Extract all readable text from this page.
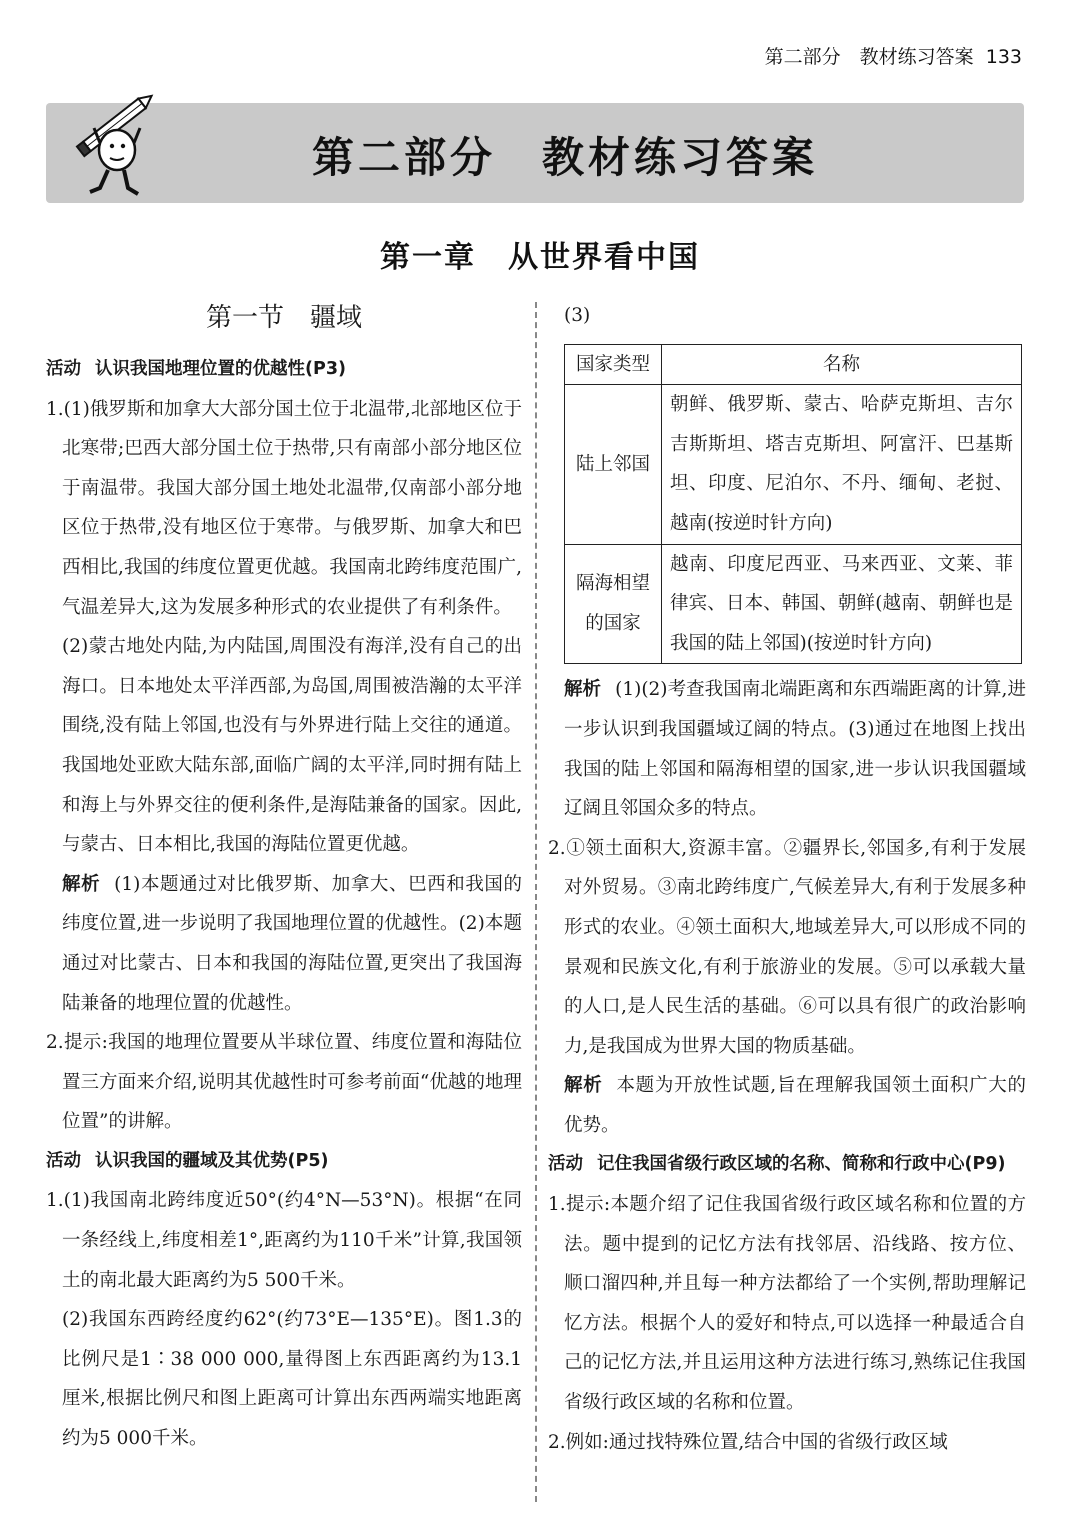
第二部分　教材练习答案 133
第二部分　教材练习答案
第一章　从世界看中国
第一节　疆域

活动 认识我国地理位置的优越性(P3)

1.(1)俄罗斯和加拿大大部分国土位于北温带,北部地区位于北寒带;巴西大部分国土位于热带,只有南部小部分地区位于南温带。我国大部分国土地处北温带,仅南部小部分地区位于热带,没有地区位于寒带。与俄罗斯、加拿大和巴西相比,我国的纬度位置更优越。我国南北跨纬度范围广,气温差异大,这为发展多种形式的农业提供了有利条件。

(2)蒙古地处内陆,为内陆国,周围没有海洋,没有自己的出海口。日本地处太平洋西部,为岛国,周围被浩瀚的太平洋围绕,没有陆上邻国,也没有与外界进行陆上交往的通道。我国地处亚欧大陆东部,面临广阔的太平洋,同时拥有陆上和海上与外界交往的便利条件,是海陆兼备的国家。因此,与蒙古、日本相比,我国的海陆位置更优越。

解析 (1)本题通过对比俄罗斯、加拿大、巴西和我国的纬度位置,进一步说明了我国地理位置的优越性。(2)本题通过对比蒙古、日本和我国的海陆位置,更突出了我国海陆兼备的地理位置的优越性。

2.提示:我国的地理位置要从半球位置、纬度位置和海陆位置三方面来介绍,说明其优越性时可参考前面“优越的地理位置”的讲解。

活动 认识我国的疆域及其优势(P5)

1.(1)我国南北跨纬度近50°(约4°N—53°N)。根据“在同一条经线上,纬度相差1°,距离约为110千米”计算,我国领土的南北最大距离约为5 500千米。

(2)我国东西跨经度约62°(约73°E—135°E)。图1.3的比例尺是1∶38 000 000,量得图上东西距离约为13.1厘米,根据比例尺和图上距离可计算出东西两端实地距离约为5 000千米。

(3)

国家类型	名称
陆上邻国	朝鲜、俄罗斯、蒙古、哈萨克斯坦、吉尔吉斯斯坦、塔吉克斯坦、阿富汗、巴基斯坦、印度、尼泊尔、不丹、缅甸、老挝、越南(按逆时针方向)
隔海相望的国家	越南、印度尼西亚、马来西亚、文莱、菲律宾、日本、韩国、朝鲜(越南、朝鲜也是我国的陆上邻国)(按逆时针方向)

解析 (1)(2)考查我国南北端距离和东西端距离的计算,进一步认识到我国疆域辽阔的特点。(3)通过在地图上找出我国的陆上邻国和隔海相望的国家,进一步认识我国疆域辽阔且邻国众多的特点。

2.①领土面积大,资源丰富。②疆界长,邻国多,有利于发展对外贸易。③南北跨纬度广,气候差异大,有利于发展多种形式的农业。④领土面积大,地域差异大,可以形成不同的景观和民族文化,有利于旅游业的发展。⑤可以承载大量的人口,是人民生活的基础。⑥可以具有很广的政治影响力,是我国成为世界大国的物质基础。

解析 本题为开放性试题,旨在理解我国领土面积广大的优势。

活动 记住我国省级行政区域的名称、简称和行政中心(P9)

1.提示:本题介绍了记住我国省级行政区域名称和位置的方法。题中提到的记忆方法有找邻居、沿线路、按方位、顺口溜四种,并且每一种方法都给了一个实例,帮助理解记忆方法。根据个人的爱好和特点,可以选择一种最适合自己的记忆方法,并且运用这种方法进行练习,熟练记住我国省级行政区域的名称和位置。

2.例如:通过找特殊位置,结合中国的省级行政区域
